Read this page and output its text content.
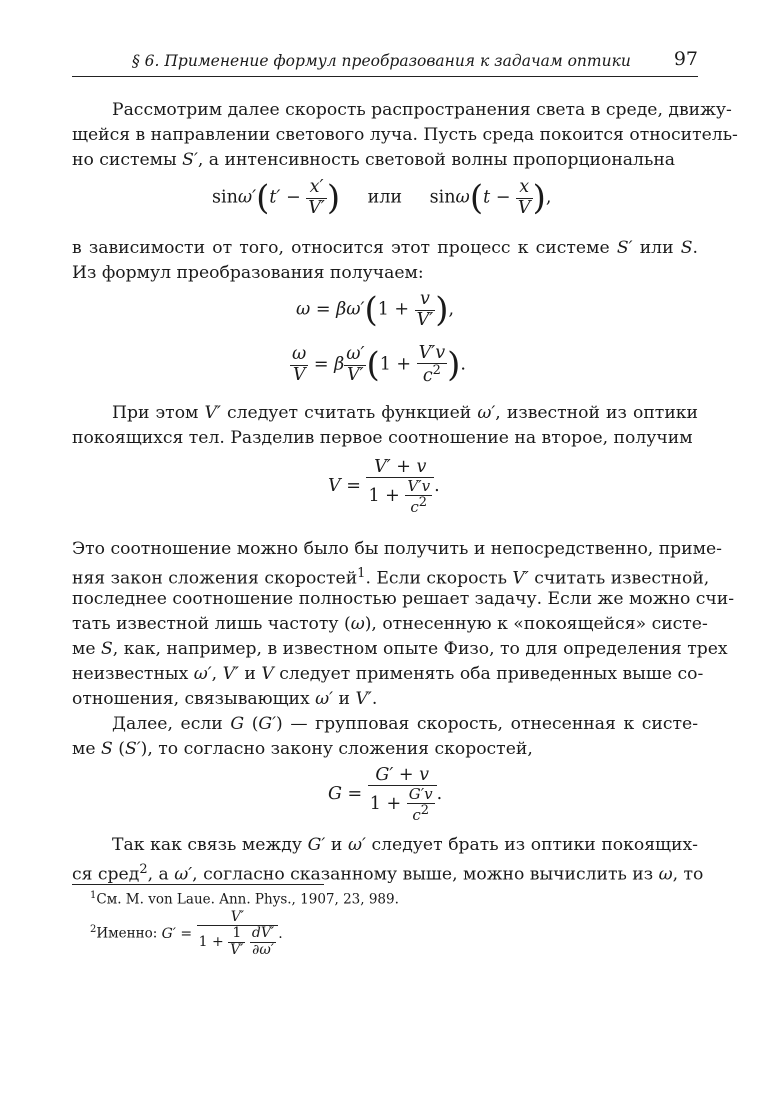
§ 6. Применение формул преобразования к задачам оптики 97
Рассмотрим далее скорость распространения света в среде, движу-
щейся в направлении светового луча. Пусть среда покоится относитель-
но системы S′, а интенсивность световой волны пропорциональна
$\sin\omega'(t' - \frac{x'}{V'}$ ) или $\sin\omega(t - \frac{x}{V}$ ),
в зависимости от того, относится этот процесс к системе S′ или S.
Из формул преобразования получаем:
$\omega = \beta\omega'(1 + \frac{v}{V'}$ ),
$\frac{\omega}{V} = \beta \frac{\omega'}{V'} (1 + \frac{V'v}{c^2}$ ).
При этом V′ следует считать функцией ω′, известной из оптики
покоящихся тел. Разделив первое соотношение на второе, получим
$V = \frac{V' + v}{1 + \frac{V'v}{c^2}}$ .
Это соотношение можно было бы получить и непосредственно, приме-
няя закон сложения скоростей$^1$. Если скорость V′ считать известной,
последнее соотношение полностью решает задачу. Если же можно счи-
тать известной лишь частоту (ω), отнесенную к «покоящейся» систе-
ме S, как, например, в известном опыте Физо, то для определения трех
неизвестных ω′, V′ и V следует применять оба приведенных выше со-
отношения, связывающих ω′ и V′.
Далее, если G (G′) — групповая скорость, отнесенная к систе-
ме S (S′), то согласно закону сложения скоростей,
$G = \frac{G' + v}{1 + \frac{G'v}{c^2}}$ .
Так как связь между G′ и ω′ следует брать из оптики покоящих-
ся сред$^2$, а ω′, согласно сказанному выше, можно вычислить из ω, то
$^1$См. M. von Laue. Ann. Phys., 1907, 23, 989.
$^2$Именно: G′ = V′
$1 + \frac{1}{V'}$
$\frac{dV'}{\partial\omega'}$ .
